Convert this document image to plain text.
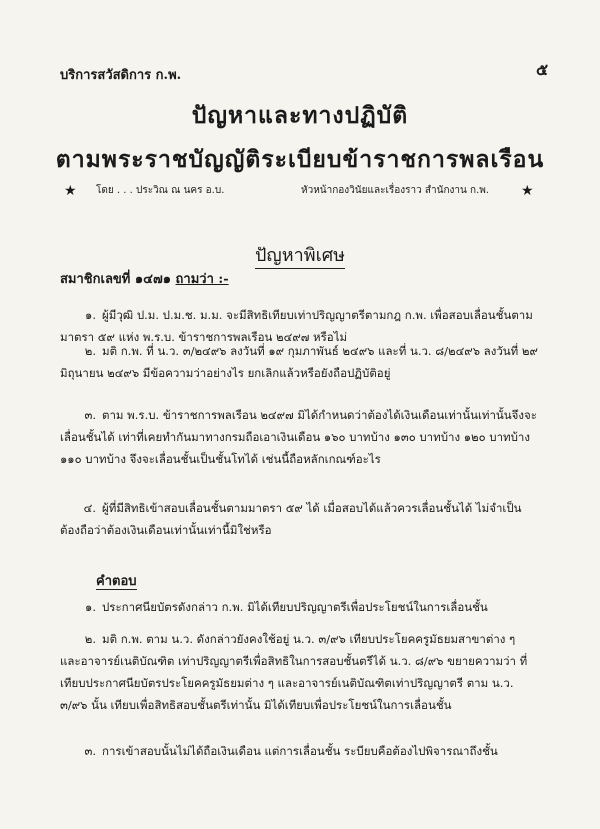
บริการสวัสดิการ ก.พ.	๕
ปัญหาและทางปฏิบัติ
ตามพระราชบัญญัติระเบียบข้าราชการพลเรือน
★ โดย . . . ประวิณ ณ นคร อ.บ.	หัวหน้ากองวินัยและเรื่องราว สำนักงาน ก.พ. ★
ปัญหาพิเศษ
สมาชิกเลขที่ ๑๔๗๑ ถามว่า :-
๑. ผู้มีวุฒิ ป.ม. ป.ม.ช. ม.ม. จะมีสิทธิเทียบเท่าปริญญาตรีตามกฎ ก.พ. เพื่อสอบเลื่อนชั้นตามมาตรา ๕๙ แห่ง พ.ร.บ. ข้าราชการพลเรือน ๒๔๙๗ หรือไม่
๒. มติ ก.พ. ที่ น.ว. ๓/๒๔๙๖ ลงวันที่ ๑๙ กุมภาพันธ์ ๒๔๙๖ และที่ น.ว. ๘/๒๔๙๖ ลงวันที่ ๒๙ มิถุนายน ๒๔๙๖ มีข้อความว่าอย่างไร ยกเลิกแล้วหรือยังถือปฏิบัติอยู่
๓. ตาม พ.ร.บ. ข้าราชการพลเรือน ๒๔๙๗ มิได้กำหนดว่าต้องได้เงินเดือนเท่านั้นเท่านั้นจึงจะเลื่อนชั้นได้ เท่าที่เคยทำกันมาทางกรมถือเอาเงินเดือน ๑๖๐ บาทบ้าง ๑๓๐ บาทบ้าง ๑๒๐ บาทบ้าง ๑๑๐ บาทบ้าง จึงจะเลื่อนชั้นเป็นชั้นโทได้ เช่นนี้ถือหลักเกณฑ์อะไร
๔. ผู้ที่มีสิทธิเข้าสอบเลื่อนชั้นตามมาตรา ๕๙ ได้ เมื่อสอบได้แล้วควรเลื่อนชั้นได้ ไม่จำเป็นต้องถือว่าต้องเงินเดือนเท่านั้นเท่านี้มิใช่หรือ
คำตอบ
๑. ประกาศนียบัตรดังกล่าว ก.พ. มิได้เทียบปริญญาตรีเพื่อประโยชน์ในการเลื่อนชั้น
๒. มติ ก.พ. ตาม น.ว. ดังกล่าวยังคงใช้อยู่ น.ว. ๓/๙๖ เทียบประโยคครูมัธยมสาขาต่าง ๆ และอาจารย์เนติบัณฑิต เท่าปริญญาตรีเพื่อสิทธิในการสอบชั้นตรีได้ น.ว. ๘/๙๖ ขยายความว่า ที่เทียบประกาศนียบัตรประโยคครูมัธยมต่าง ๆ และอาจารย์เนติบัณฑิตเท่าปริญญาตรี ตาม น.ว. ๓/๙๖ นั้น เทียบเพื่อสิทธิสอบชั้นตรีเท่านั้น มิได้เทียบเพื่อประโยชน์ในการเลื่อนชั้น
๓. การเข้าสอบนั้นไม่ได้ถือเงินเดือน แต่การเลื่อนชั้น ระบียบคือต้องไปพิจารณาถึงชั้น
